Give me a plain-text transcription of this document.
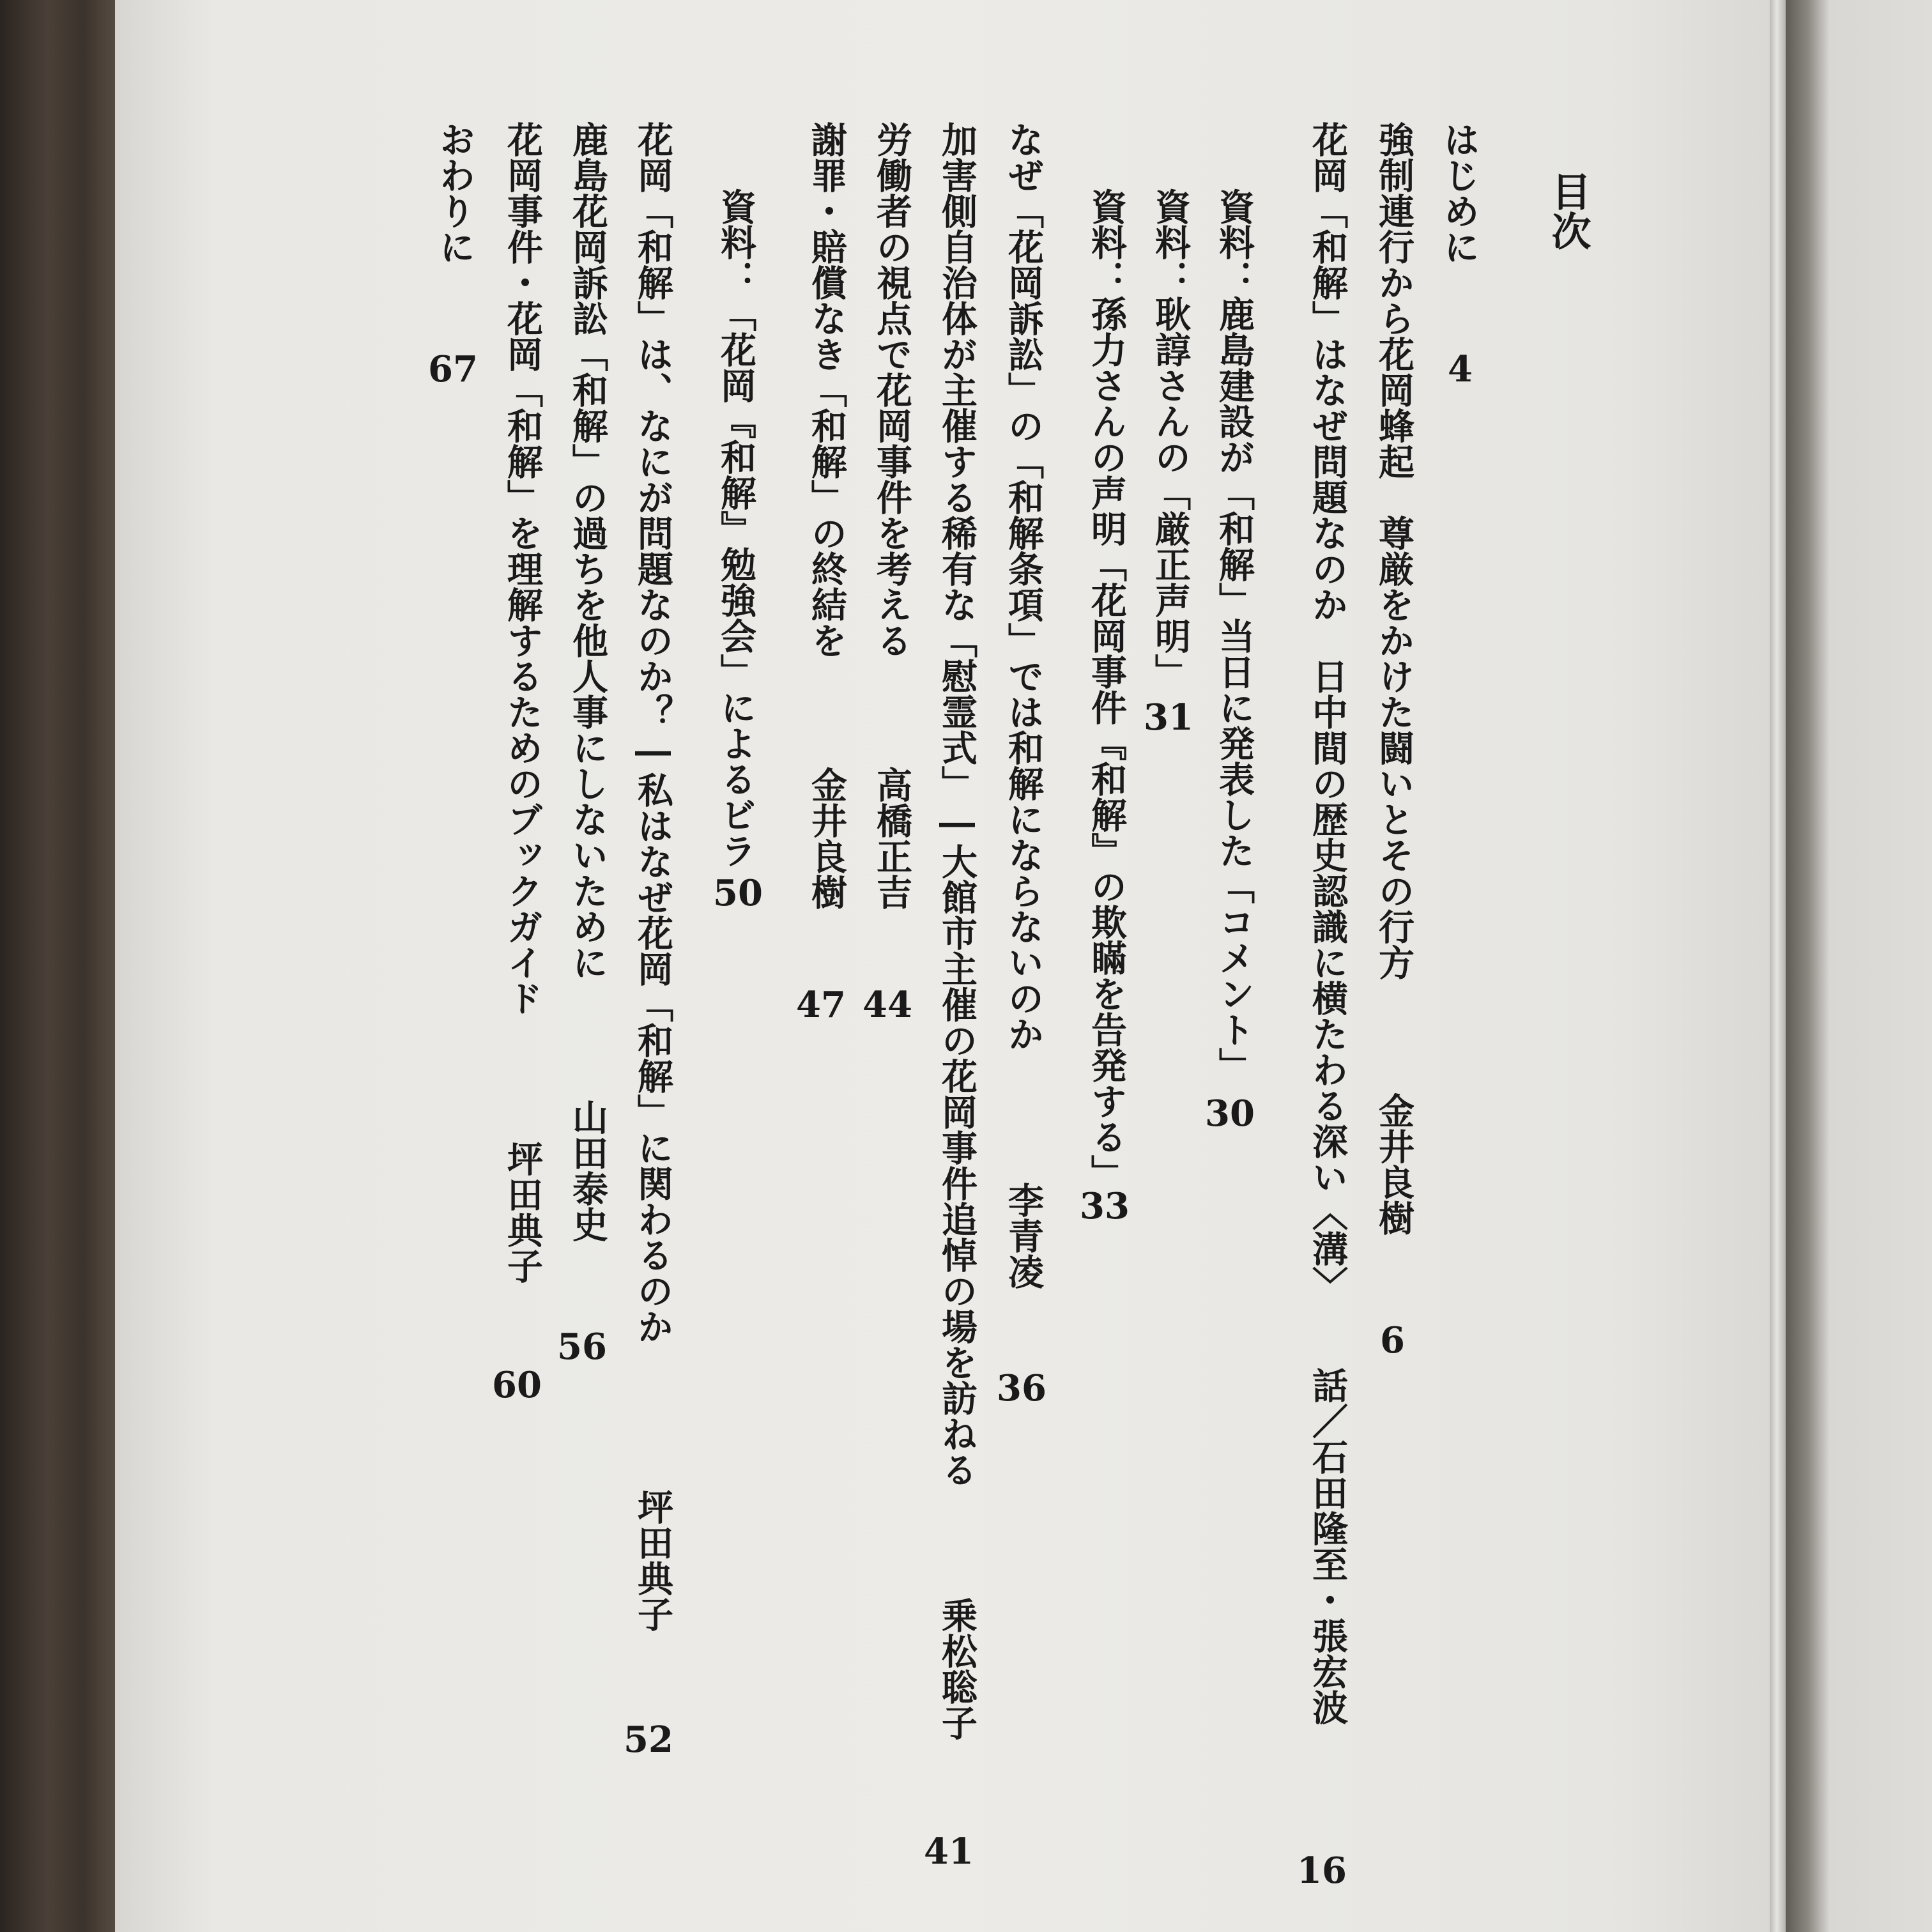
目次
はじめに
4
強制連行から花岡蜂起　尊厳をかけた闘いとその行方
金井良樹
6
花岡「和解」はなぜ問題なのか　日中間の歴史認識に横たわる深い〈溝〉
話／石田隆至・張宏波
16
資料：鹿島建設が「和解」当日に発表した「コメント」
30
資料：耿諄さんの「厳正声明」
31
資料：孫力さんの声明「花岡事件『和解』の欺瞞を告発する」
33
なぜ「花岡訴訟」の「和解条項」では和解にならないのか
李青凌
36
加害側自治体が主催する稀有な「慰霊式」―大館市主催の花岡事件追悼の場を訪ねる
乗松聡子
41
労働者の視点で花岡事件を考える
高橋正吉
44
謝罪・賠償なき「和解」の終結を
金井良樹
47
資料：「花岡『和解』勉強会」によるビラ
50
花岡「和解」は、なにが問題なのか？―私はなぜ花岡「和解」に関わるのか
坪田典子
52
鹿島花岡訴訟「和解」の過ちを他人事にしないために
山田泰史
56
花岡事件・花岡「和解」を理解するためのブックガイド
坪田典子
60
おわりに
67
